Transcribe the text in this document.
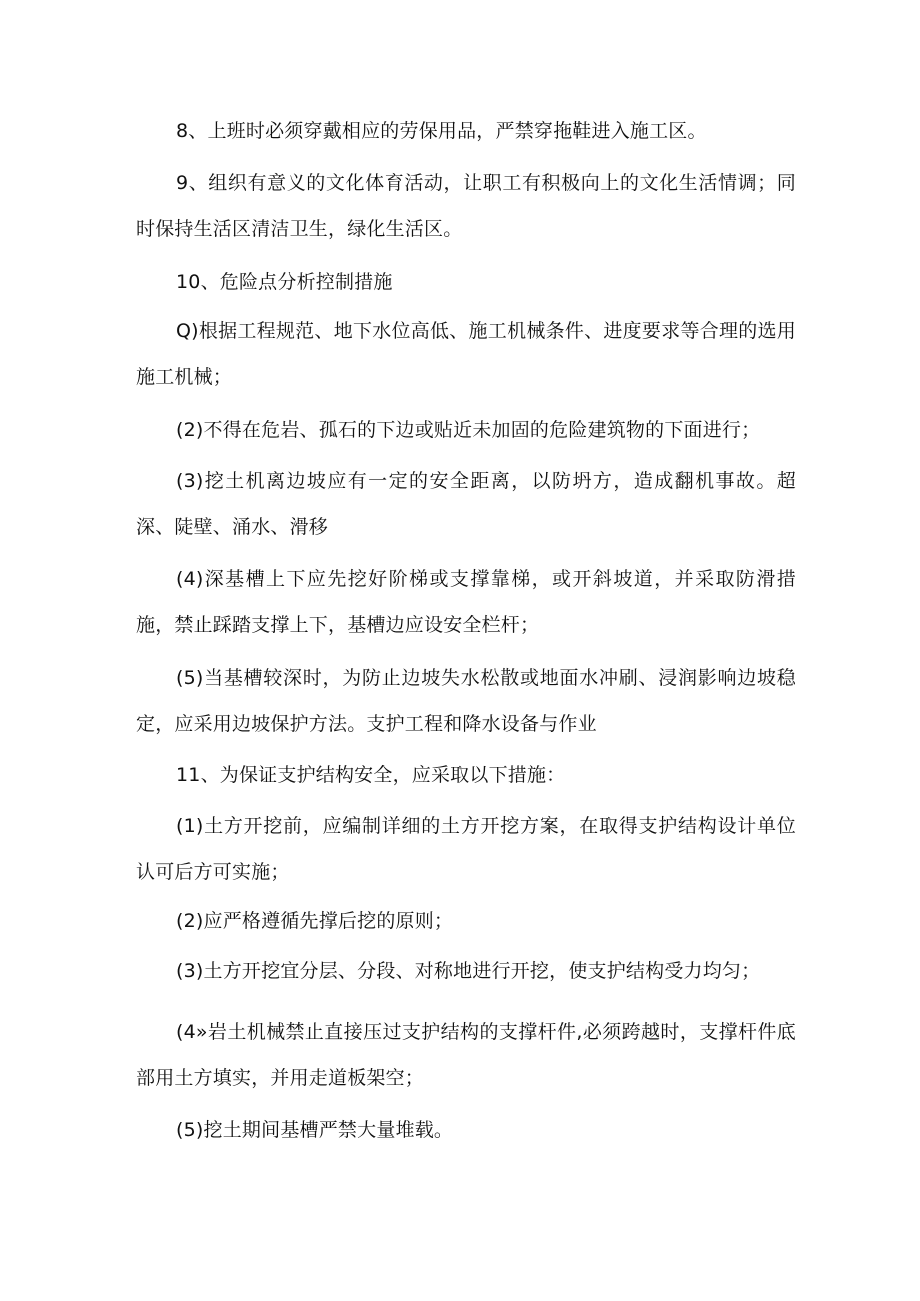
8、上班时必须穿戴相应的劳保用品，严禁穿拖鞋进入施工区。

9、组织有意义的文化体育活动，让职工有积极向上的文化生活情调；同时保持生活区清洁卫生，绿化生活区。

10、危险点分析控制措施

Q)根据工程规范、地下水位高低、施工机械条件、进度要求等合理的选用施工机械；

(2)不得在危岩、孤石的下边或贴近未加固的危险建筑物的下面进行；

(3)挖土机离边坡应有一定的安全距离，以防坍方，造成翻机事故。超深、陡壁、涌水、滑移

(4)深基槽上下应先挖好阶梯或支撑靠梯，或开斜坡道，并采取防滑措施，禁止踩踏支撑上下，基槽边应设安全栏杆；

(5)当基槽较深时，为防止边坡失水松散或地面水冲刷、浸润影响边坡稳定，应采用边坡保护方法。支护工程和降水设备与作业

11、为保证支护结构安全，应采取以下措施：

(1)土方开挖前，应编制详细的土方开挖方案，在取得支护结构设计单位认可后方可实施；

(2)应严格遵循先撑后挖的原则；

(3)土方开挖宜分层、分段、对称地进行开挖，使支护结构受力均匀；

(4»岩土机械禁止直接压过支护结构的支撑杆件,必须跨越时，支撑杆件底部用土方填实，并用走道板架空；

(5)挖土期间基槽严禁大量堆载。
